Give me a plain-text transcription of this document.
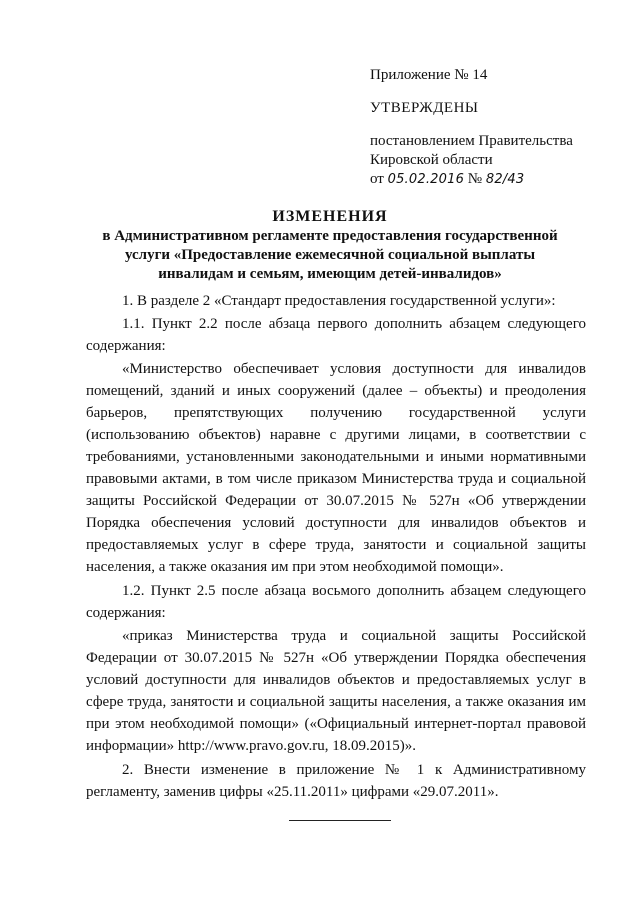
Приложение № 14

УТВЕРЖДЕНЫ

постановлением Правительства

Кировской области

от 05.02.2016 № 82/43

ИЗМЕНЕНИЯ

в Административном регламенте предоставления государственной

услуги «Предоставление ежемесячной социальной выплаты

инвалидам и семьям, имеющим детей-инвалидов»

1. В разделе 2 «Стандарт предоставления государственной услуги»:

1.1. Пункт 2.2 после абзаца первого дополнить абзацем следующего содержания:

«Министерство обеспечивает условия доступности для инвалидов помещений, зданий и иных сооружений (далее – объекты) и преодоления барьеров, препятствующих получению государственной услуги (использованию объектов) наравне с другими лицами, в соответствии с требованиями, установленными законодательными и иными нормативными правовыми актами, в том числе приказом Министерства труда и социальной защиты Российской Федерации от 30.07.2015 № 527н «Об утверждении Порядка обеспечения условий доступности для инвалидов объектов и предоставляемых услуг в сфере труда, занятости и социальной защиты населения, а также оказания им при этом необходимой помощи».

1.2. Пункт 2.5 после абзаца восьмого дополнить абзацем следующего содержания:

«приказ Министерства труда и социальной защиты Российской Федерации от 30.07.2015 № 527н «Об утверждении Порядка обеспечения условий доступности для инвалидов объектов и предоставляемых услуг в сфере труда, занятости и социальной защиты населения, а также оказания им при этом необходимой помощи» («Официальный интернет-портал правовой информации» http://www.pravo.gov.ru, 18.09.2015)».

2. Внести изменение в приложение № 1 к Административному регламенту, заменив цифры «25.11.2011» цифрами «29.07.2011».
